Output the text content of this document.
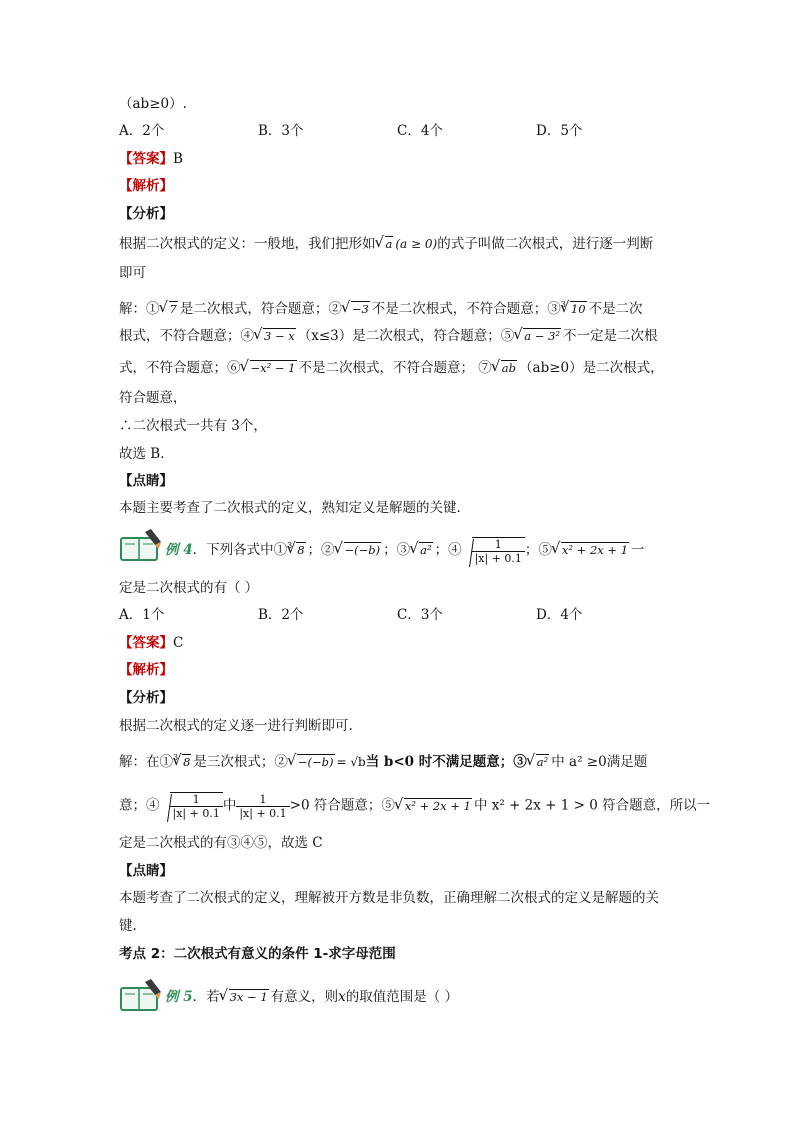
（ab≥0）.
A．2个	B．3个	C．4个	D．5个
【答案】B
【解析】
【分析】
根据二次根式的定义：一般地，我们把形如 √ a (a ≥ 0)的式子叫做二次根式，进行逐一判断
即可
解：① √ 7 是二次根式，符合题意；② √ −3 不是二次根式，不符合题意；③$^3$ √ 10 不是二次
根式，不符合题意；④ √ 3 − x （x≤3）是二次根式，符合题意；⑤ √ a − 3² 不一定是二次根
式，不符合题意；⑥ √ −x² − 1 不是二次根式，不符合题意； ⑦ √ ab （ab≥0）是二次根式，
符合题意，
∴二次根式一共有 3个，
故选 B．
【点睛】
本题主要考查了二次根式的定义，熟知定义是解题的关键．
例 4．下列各式中①$^3$ √ 8 ；② √ −(−b) ；③ √ a² ；④ $\frac{1}{|x| + 0.1}$ ；⑤ √ x² + 2x + 1 一
定是二次根式的有（ ）
A．1个	B．2个	C．3个	D．4个
【答案】C
【解析】
【分析】
根据二次根式的定义逐一进行判断即可.
解：在①$^3$ √ 8 是三次根式；② √ −(−b) = √b当 b<0 时不满足题意；③ √ a² 中 a² ≥0满足题
意；④ $\frac{1}{|x| + 0.1}$ 中 $\frac{1}{|x| + 0.1} >0$ 符合题意；⑤ √ x² + 2x + 1 中 x² + 2x + 1 > 0 符合题意，所以一
定是二次根式的有③④⑤，故选 C
【点睛】
本题考查了二次根式的定义，理解被开方数是非负数，正确理解二次根式的定义是解题的关
键.
考点 2：二次根式有意义的条件 1-求字母范围
例 5．若 √ 3x − 1 有意义，则x的取值范围是（ ）
